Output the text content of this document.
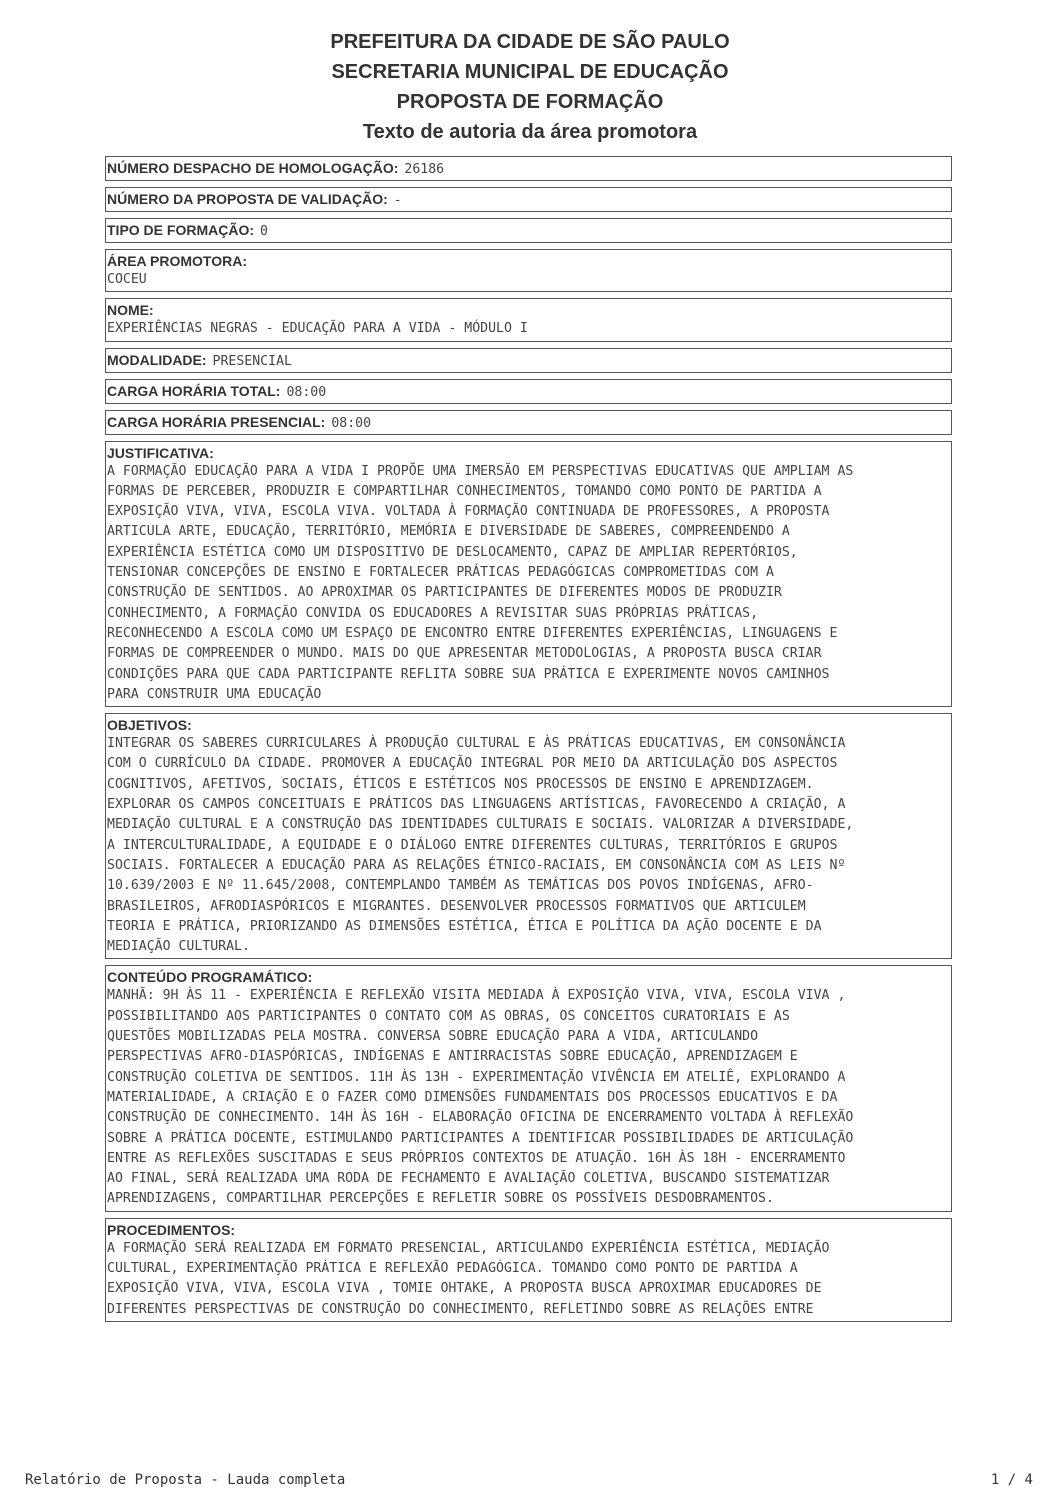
PREFEITURA DA CIDADE DE SÃO PAULO
SECRETARIA MUNICIPAL DE EDUCAÇÃO
PROPOSTA DE FORMAÇÃO
Texto de autoria da área promotora
NÚMERO DESPACHO DE HOMOLOGAÇÃO: 26186
NÚMERO DA PROPOSTA DE VALIDAÇÃO: -
TIPO DE FORMAÇÃO: 0
ÁREA PROMOTORA:
COCEU
NOME:
EXPERIÊNCIAS NEGRAS - EDUCAÇÃO PARA A VIDA - MÓDULO I
MODALIDADE: PRESENCIAL
CARGA HORÁRIA TOTAL: 08:00
CARGA HORÁRIA PRESENCIAL: 08:00
JUSTIFICATIVA:
A FORMAÇÃO EDUCAÇÃO PARA A VIDA I PROPÕE UMA IMERSÃO EM PERSPECTIVAS EDUCATIVAS QUE AMPLIAM AS
FORMAS DE PERCEBER, PRODUZIR E COMPARTILHAR CONHECIMENTOS, TOMANDO COMO PONTO DE PARTIDA A
EXPOSIÇÃO VIVA, VIVA, ESCOLA VIVA. VOLTADA À FORMAÇÃO CONTINUADA DE PROFESSORES, A PROPOSTA
ARTICULA ARTE, EDUCAÇÃO, TERRITÓRIO, MEMÓRIA E DIVERSIDADE DE SABERES, COMPREENDENDO A
EXPERIÊNCIA ESTÉTICA COMO UM DISPOSITIVO DE DESLOCAMENTO, CAPAZ DE AMPLIAR REPERTÓRIOS,
TENSIONAR CONCEPÇÕES DE ENSINO E FORTALECER PRÁTICAS PEDAGÓGICAS COMPROMETIDAS COM A
CONSTRUÇÃO DE SENTIDOS. AO APROXIMAR OS PARTICIPANTES DE DIFERENTES MODOS DE PRODUZIR
CONHECIMENTO, A FORMAÇÃO CONVIDA OS EDUCADORES A REVISITAR SUAS PRÓPRIAS PRÁTICAS,
RECONHECENDO A ESCOLA COMO UM ESPAÇO DE ENCONTRO ENTRE DIFERENTES EXPERIÊNCIAS, LINGUAGENS E
FORMAS DE COMPREENDER O MUNDO. MAIS DO QUE APRESENTAR METODOLOGIAS, A PROPOSTA BUSCA CRIAR
CONDIÇÕES PARA QUE CADA PARTICIPANTE REFLITA SOBRE SUA PRÁTICA E EXPERIMENTE NOVOS CAMINHOS
PARA CONSTRUIR UMA EDUCAÇÃO
OBJETIVOS:
INTEGRAR OS SABERES CURRICULARES À PRODUÇÃO CULTURAL E ÀS PRÁTICAS EDUCATIVAS, EM CONSONÂNCIA
COM O CURRÍCULO DA CIDADE. PROMOVER A EDUCAÇÃO INTEGRAL POR MEIO DA ARTICULAÇÃO DOS ASPECTOS
COGNITIVOS, AFETIVOS, SOCIAIS, ÉTICOS E ESTÉTICOS NOS PROCESSOS DE ENSINO E APRENDIZAGEM.
EXPLORAR OS CAMPOS CONCEITUAIS E PRÁTICOS DAS LINGUAGENS ARTÍSTICAS, FAVORECENDO A CRIAÇÃO, A
MEDIAÇÃO CULTURAL E A CONSTRUÇÃO DAS IDENTIDADES CULTURAIS E SOCIAIS. VALORIZAR A DIVERSIDADE,
A INTERCULTURALIDADE, A EQUIDADE E O DIÁLOGO ENTRE DIFERENTES CULTURAS, TERRITÓRIOS E GRUPOS
SOCIAIS. FORTALECER A EDUCAÇÃO PARA AS RELAÇÕES ÉTNICO-RACIAIS, EM CONSONÂNCIA COM AS LEIS Nº
10.639/2003 E Nº 11.645/2008, CONTEMPLANDO TAMBÉM AS TEMÁTICAS DOS POVOS INDÍGENAS, AFRO-
BRASILEIROS, AFRODIASPÓRICOS E MIGRANTES. DESENVOLVER PROCESSOS FORMATIVOS QUE ARTICULEM
TEORIA E PRÁTICA, PRIORIZANDO AS DIMENSÕES ESTÉTICA, ÉTICA E POLÍTICA DA AÇÃO DOCENTE E DA
MEDIAÇÃO CULTURAL.
CONTEÚDO PROGRAMÁTICO:
MANHÃ: 9H ÀS 11 - EXPERIÊNCIA E REFLEXÃO VISITA MEDIADA À EXPOSIÇÃO VIVA, VIVA, ESCOLA VIVA ,
POSSIBILITANDO AOS PARTICIPANTES O CONTATO COM AS OBRAS, OS CONCEITOS CURATORIAIS E AS
QUESTÕES MOBILIZADAS PELA MOSTRA. CONVERSA SOBRE EDUCAÇÃO PARA A VIDA, ARTICULANDO
PERSPECTIVAS AFRO-DIASPÓRICAS, INDÍGENAS E ANTIRRACISTAS SOBRE EDUCAÇÃO, APRENDIZAGEM E
CONSTRUÇÃO COLETIVA DE SENTIDOS. 11H ÀS 13H - EXPERIMENTAÇÃO VIVÊNCIA EM ATELIÊ, EXPLORANDO A
MATERIALIDADE, A CRIAÇÃO E O FAZER COMO DIMENSÕES FUNDAMENTAIS DOS PROCESSOS EDUCATIVOS E DA
CONSTRUÇÃO DE CONHECIMENTO. 14H ÀS 16H - ELABORAÇÃO OFICINA DE ENCERRAMENTO VOLTADA À REFLEXÃO
SOBRE A PRÁTICA DOCENTE, ESTIMULANDO PARTICIPANTES A IDENTIFICAR POSSIBILIDADES DE ARTICULAÇÃO
ENTRE AS REFLEXÕES SUSCITADAS E SEUS PRÓPRIOS CONTEXTOS DE ATUAÇÃO. 16H ÀS 18H - ENCERRAMENTO
AO FINAL, SERÁ REALIZADA UMA RODA DE FECHAMENTO E AVALIAÇÃO COLETIVA, BUSCANDO SISTEMATIZAR
APRENDIZAGENS, COMPARTILHAR PERCEPÇÕES E REFLETIR SOBRE OS POSSÍVEIS DESDOBRAMENTOS.
PROCEDIMENTOS:
A FORMAÇÃO SERÁ REALIZADA EM FORMATO PRESENCIAL, ARTICULANDO EXPERIÊNCIA ESTÉTICA, MEDIAÇÃO
CULTURAL, EXPERIMENTAÇÃO PRÁTICA E REFLEXÃO PEDAGÓGICA. TOMANDO COMO PONTO DE PARTIDA A
EXPOSIÇÃO VIVA, VIVA, ESCOLA VIVA , TOMIE OHTAKE, A PROPOSTA BUSCA APROXIMAR EDUCADORES DE
DIFERENTES PERSPECTIVAS DE CONSTRUÇÃO DO CONHECIMENTO, REFLETINDO SOBRE AS RELAÇÕES ENTRE
Relatório de Proposta - Lauda completa	1 / 4
